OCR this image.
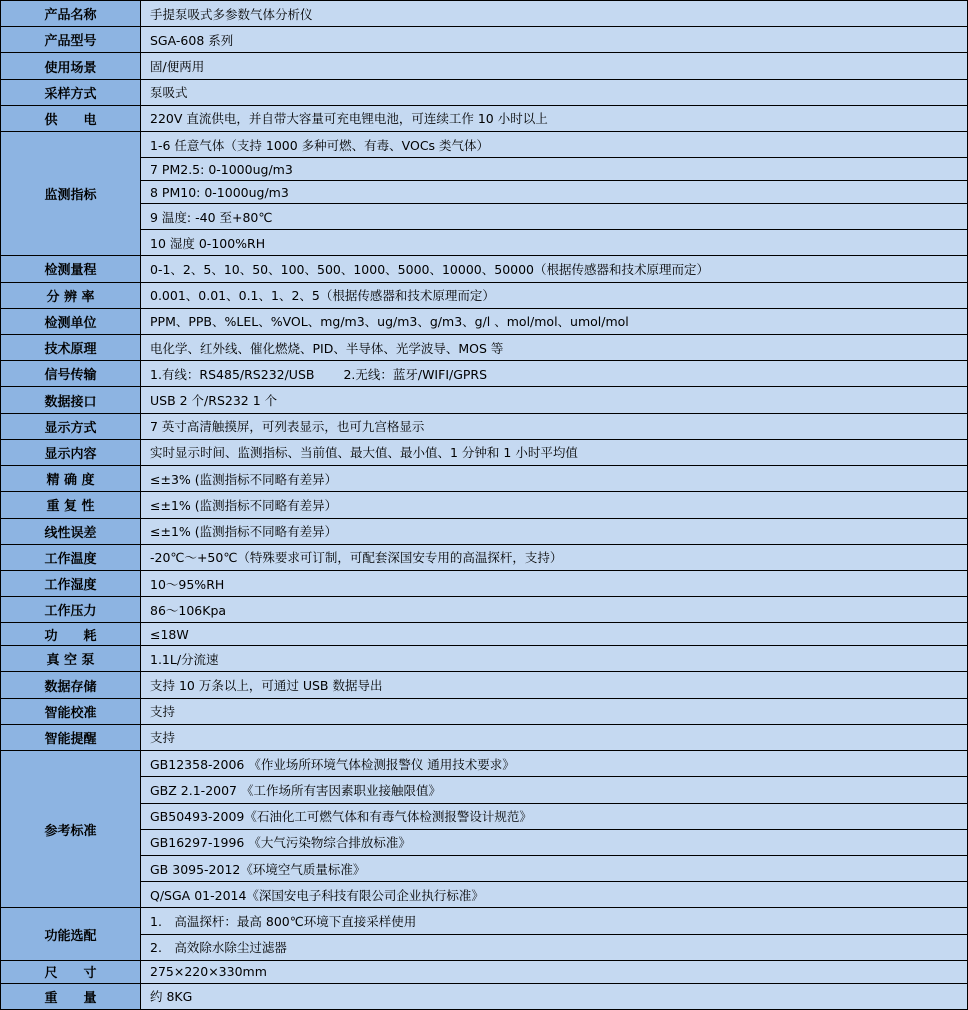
产品名称	手提泵吸式多参数气体分析仪
产品型号	SGA-608 系列
使用场景	固/便两用
采样方式	泵吸式
供　　电	220V 直流供电，并自带大容量可充电锂电池，可连续工作 10 小时以上
监测指标	1-6 任意气体（支持 1000 多种可燃、有毒、VOCs 类气体）
	7 PM2.5: 0-1000ug/m3
	8 PM10: 0-1000ug/m3
	9 温度: -40 至+80℃
	10 湿度 0-100%RH
检测量程	0-1、2、5、10、50、100、500、1000、5000、10000、50000（根据传感器和技术原理而定）
分 辨 率	0.001、0.01、0.1、1、2、5（根据传感器和技术原理而定）
检测单位	PPM、PPB、%LEL、%VOL、mg/m3、ug/m3、g/m3、g/l 、mol/mol、umol/mol
技术原理	电化学、红外线、催化燃烧、PID、半导体、光学波导、MOS 等
信号传输	1.有线：RS485/RS232/USB　　 2.无线：蓝牙/WIFI/GPRS
数据接口	USB 2 个/RS232 1 个
显示方式	7 英寸高清触摸屏，可列表显示，也可九宫格显示
显示内容	实时显示时间、监测指标、当前值、最大值、最小值、1 分钟和 1 小时平均值
精 确 度	≤±3% (监测指标不同略有差异）
重 复 性	≤±1% (监测指标不同略有差异）
线性误差	≤±1% (监测指标不同略有差异）
工作温度	-20℃～+50℃（特殊要求可订制，可配套深国安专用的高温探杆，支持）
工作湿度	10～95%RH
工作压力	86～106Kpa
功　　耗	≤18W
真 空 泵	1.1L/分流速
数据存储	支持 10 万条以上，可通过 USB 数据导出
智能校准	支持
智能提醒	支持
参考标准	GB12358-2006 《作业场所环境气体检测报警仪 通用技术要求》
	GBZ 2.1-2007 《工作场所有害因素职业接触限值》
	GB50493-2009《石油化工可燃气体和有毒气体检测报警设计规范》
	GB16297-1996 《大气污染物综合排放标准》
	GB 3095-2012《环境空气质量标准》
	Q/SGA 01-2014《深国安电子科技有限公司企业执行标准》
功能选配	1.　高温探杆：最高 800℃环境下直接采样使用
	2.　高效除水除尘过滤器
尺　　寸	275×220×330mm
重　　量	约 8KG
